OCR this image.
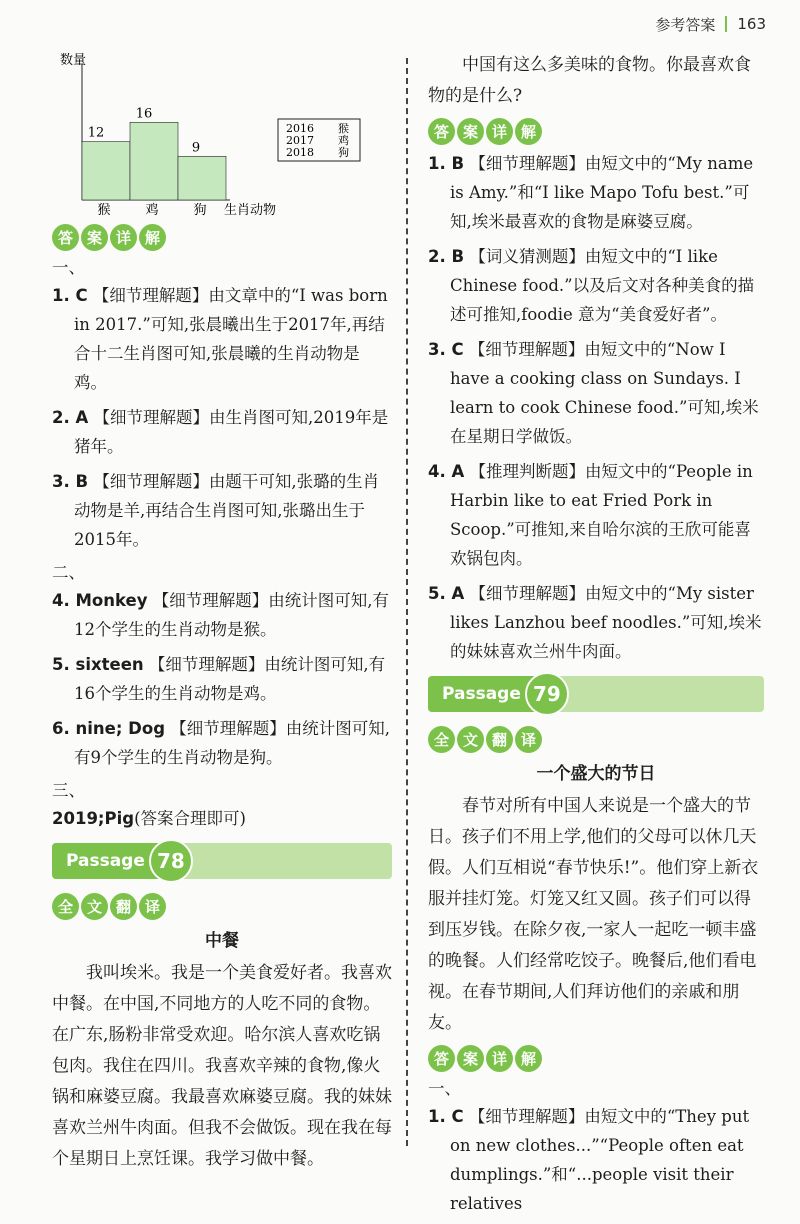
参考答案 163
数量
生肖动物
12
猴
16
鸡
9
狗
2016 猴
2017 鸡
2018 狗
答 案 详 解

一、

1. C 【细节理解题】由文章中的“I was born in 2017.”可知,张晨曦出生于2017年,再结合十二生肖图可知,张晨曦的生肖动物是鸡。

2. A 【细节理解题】由生肖图可知,2019年是猪年。

3. B 【细节理解题】由题干可知,张璐的生肖动物是羊,再结合生肖图可知,张璐出生于2015年。

二、

4. Monkey 【细节理解题】由统计图可知,有12个学生的生肖动物是猴。

5. sixteen 【细节理解题】由统计图可知,有16个学生的生肖动物是鸡。

6. nine; Dog 【细节理解题】由统计图可知,有9个学生的生肖动物是狗。

三、

2019;Pig(答案合理即可)

Passage 78
全 文 翻 译

中餐

我叫埃米。我是一个美食爱好者。我喜欢中餐。在中国,不同地方的人吃不同的食物。在广东,肠粉非常受欢迎。哈尔滨人喜欢吃锅包肉。我住在四川。我喜欢辛辣的食物,像火锅和麻婆豆腐。我最喜欢麻婆豆腐。我的妹妹喜欢兰州牛肉面。但我不会做饭。现在我在每个星期日上烹饪课。我学习做中餐。

中国有这么多美味的食物。你最喜欢食物的是什么?

答 案 详 解

1. B 【细节理解题】由短文中的“My name is Amy.”和“I like Mapo Tofu best.”可知,埃米最喜欢的食物是麻婆豆腐。

2. B 【词义猜测题】由短文中的“I like Chinese food.”以及后文对各种美食的描述可推知,foodie 意为“美食爱好者”。

3. C 【细节理解题】由短文中的“Now I have a cooking class on Sundays. I learn to cook Chinese food.”可知,埃米在星期日学做饭。

4. A 【推理判断题】由短文中的“People in Harbin like to eat Fried Pork in Scoop.”可推知,来自哈尔滨的王欣可能喜欢锅包肉。

5. A 【细节理解题】由短文中的“My sister likes Lanzhou beef noodles.”可知,埃米的妹妹喜欢兰州牛肉面。

Passage 79
全 文 翻 译

一个盛大的节日

春节对所有中国人来说是一个盛大的节日。孩子们不用上学,他们的父母可以休几天假。人们互相说“春节快乐!”。他们穿上新衣服并挂灯笼。灯笼又红又圆。孩子们可以得到压岁钱。在除夕夜,一家人一起吃一顿丰盛的晚餐。人们经常吃饺子。晚餐后,他们看电视。在春节期间,人们拜访他们的亲戚和朋友。

答 案 详 解

一、

1. C 【细节理解题】由短文中的“They put on new clothes...”“People often eat dumplings.”和“...people visit their relatives
